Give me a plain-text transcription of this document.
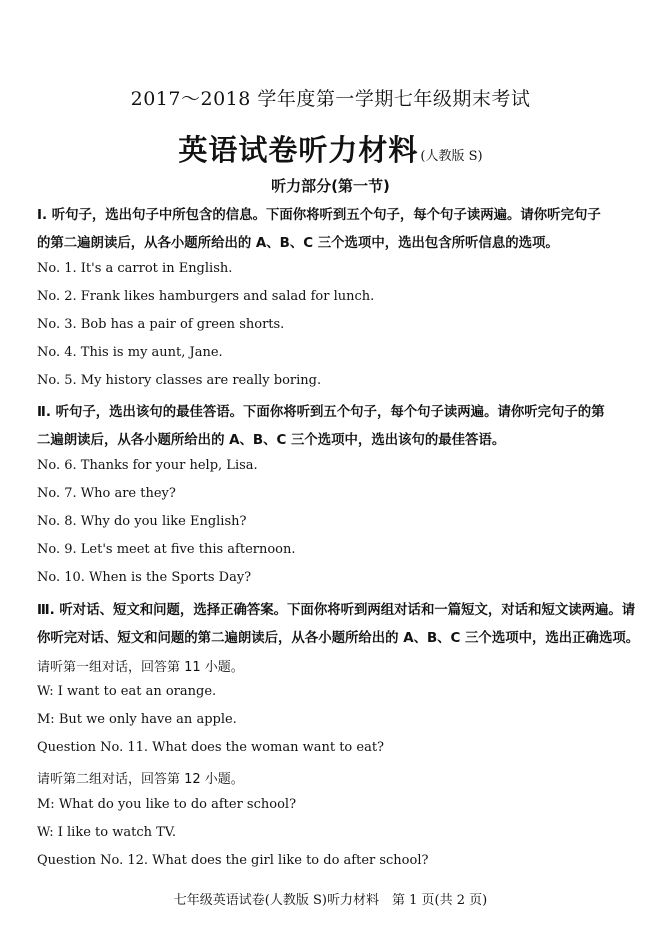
2017～2018 学年度第一学期七年级期末考试
英语试卷听力材料 (人教版 S)
听力部分(第一节)
Ⅰ. 听句子，选出句子中所包含的信息。下面你将听到五个句子，每个句子读两遍。请你听完句子
的第二遍朗读后，从各小题所给出的 A、B、C 三个选项中，选出包含所听信息的选项。
No. 1. It's a carrot in English.
No. 2. Frank likes hamburgers and salad for lunch.
No. 3. Bob has a pair of green shorts.
No. 4. This is my aunt, Jane.
No. 5. My history classes are really boring.
Ⅱ. 听句子，选出该句的最佳答语。下面你将听到五个句子，每个句子读两遍。请你听完句子的第
二遍朗读后，从各小题所给出的 A、B、C 三个选项中，选出该句的最佳答语。
No. 6. Thanks for your help, Lisa.
No. 7. Who are they?
No. 8. Why do you like English?
No. 9. Let's meet at five this afternoon.
No. 10. When is the Sports Day?
Ⅲ. 听对话、短文和问题，选择正确答案。下面你将听到两组对话和一篇短文，对话和短文读两遍。请
你听完对话、短文和问题的第二遍朗读后，从各小题所给出的 A、B、C 三个选项中，选出正确选项。
请听第一组对话，回答第 11 小题。
W: I want to eat an orange.
M: But we only have an apple.
Question No. 11. What does the woman want to eat?
请听第二组对话，回答第 12 小题。
M: What do you like to do after school?
W: I like to watch TV.
Question No. 12. What does the girl like to do after school?
七年级英语试卷(人教版 S)听力材料　第 1 页(共 2 页)
